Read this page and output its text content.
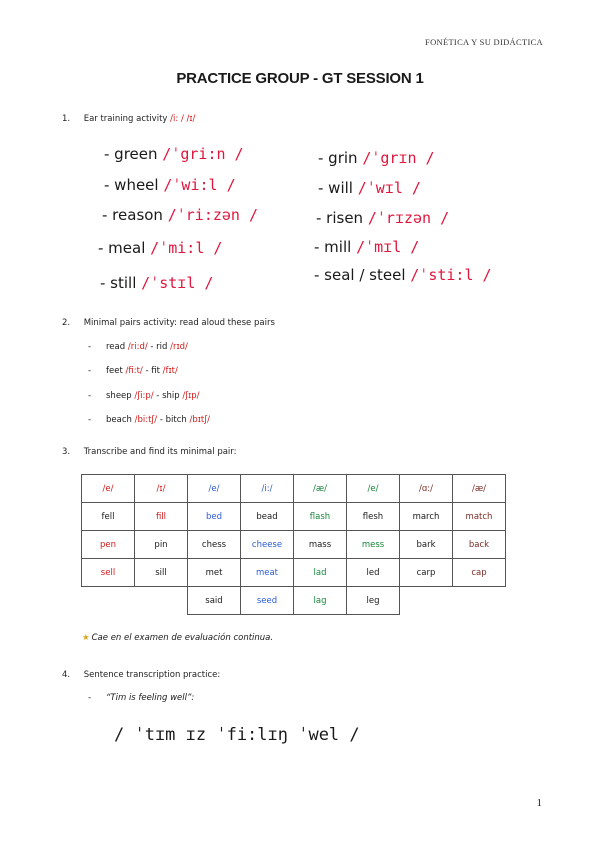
FONÉTICA Y SU DIDÁCTICA
PRACTICE GROUP - GT SESSION 1
1. Ear training activity /i: / /ɪ/
- green /ˈgri:n /
- wheel /ˈwi:l /
- reason /ˈri:zən /
- meal /ˈmi:l /
- still /ˈstɪl /
- grin /ˈgrɪn /
- will /ˈwɪl /
- risen /ˈrɪzən /
- mill /ˈmɪl /
- seal / steel /ˈsti:l /
2. Minimal pairs activity: read aloud these pairs
- read /ri:d/ - rid /rɪd/
- feet /fi:t/ - fit /fɪt/
- sheep /ʃi:p/ - ship /ʃɪp/
- beach /bi:tʃ/ - bitch /bɪtʃ/
3. Transcribe and find its minimal pair:
/e/	/ɪ/	/e/	/i:/	/æ/	/e/	/ɑ:/	/æ/
fell	fill	bed	bead	flash	flesh	march	match
pen	pin	chess	cheese	mass	mess	bark	back
sell	sill	met	meat	lad	led	carp	cap
		said	seed	lag	leg		
★ Cae en el examen de evaluación continua.
4. Sentence transcription practice:
- “Tim is feeling well”:
/ ˈtɪm ɪz ˈfi:lɪŋ ˈwel /
1
